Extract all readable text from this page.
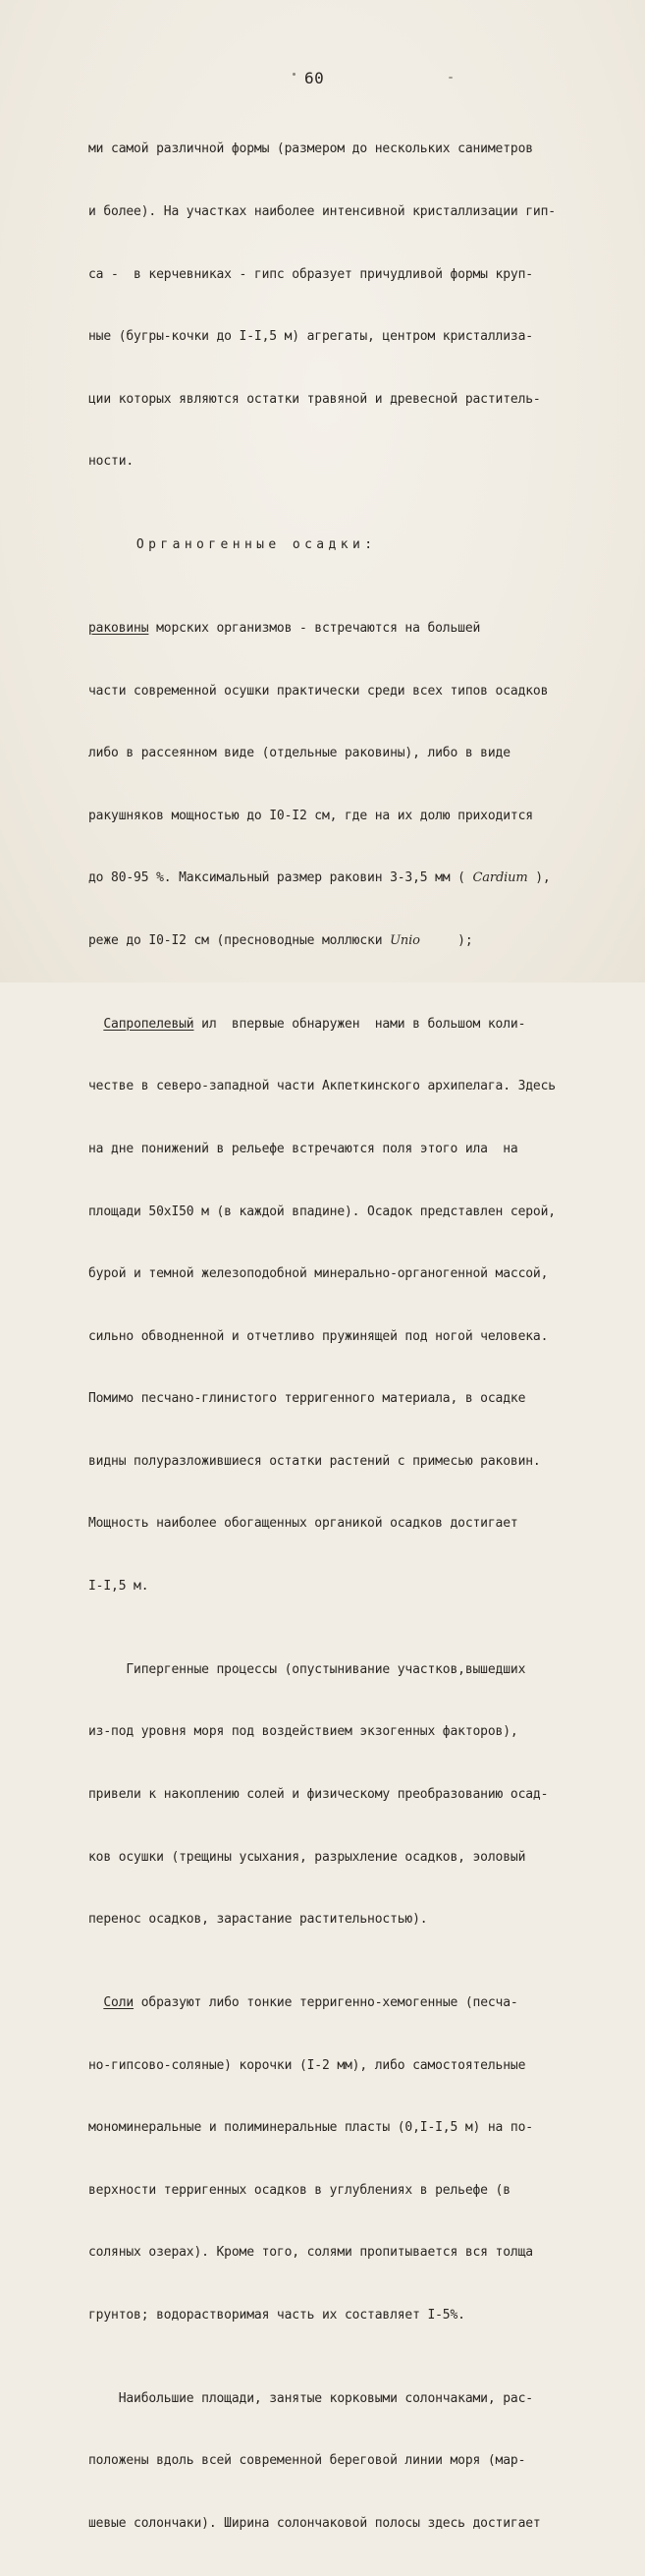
60

ми самой различной формы (размером до нескольких саниметров

и более). На участках наиболее интенсивной кристаллизации гип-

са -  в керчевниках - гипс образует причудливой формы круп-

ные (бугры-кочки до I-I,5 м) агрегаты, центром кристаллиза-

ции которых являются остатки травяной и древесной раститель-

ности.

Органогенные осадки:

раковины морских организмов - встречаются на большей

части современной осушки практически среди всех типов осадков

либо в рассеянном виде (отдельные раковины), либо в виде

ракушняков мощностью до I0-I2 см, где на их долю приходится

до 80-95 %. Максимальный размер раковин 3-3,5 мм ( Cardium ),

реже до I0-I2 см (пресноводные моллюски Unio     );

Сапропелевый ил  впервые обнаружен  нами в большом коли-

честве в северо-западной части Акпеткинского архипелага. Здесь

на дне понижений в рельефе встречаются поля этого ила  на

площади 50хI50 м (в каждой впадине). Осадок представлен серой,

бурой и темной железоподобной минерально-органогенной массой,

сильно обводненной и отчетливо пружинящей под ногой человека.

Помимо песчано-глинистого терригенного материала, в осадке

видны полуразложившиеся остатки растений с примесью раковин.

Мощность наиболее обогащенных органикой осадков достигает

I-I,5 м.

Гипергенные процессы (опустынивание участков,вышедших

из-под уровня моря под воздействием экзогенных факторов),

привели к накоплению солей и физическому преобразованию осад-

ков осушки (трещины усыхания, разрыхление осадков, эоловый

перенос осадков, зарастание растительностью).

Соли образуют либо тонкие терригенно-хемогенные (песча-

но-гипсово-соляные) корочки (I-2 мм), либо самостоятельные

мономинеральные и полиминеральные пласты (0,I-I,5 м) на по-

верхности терригенных осадков в углублениях в рельефе (в

соляных озерах). Кроме того, солями пропитывается вся толща

грунтов; водорастворимая часть их составляет I-5%.

Наибольшие площади, занятые корковыми солончаками, рас-

положены вдоль всей современной береговой линии моря (мар-

шевые солончаки). Ширина солончаковой полосы здесь достигает
